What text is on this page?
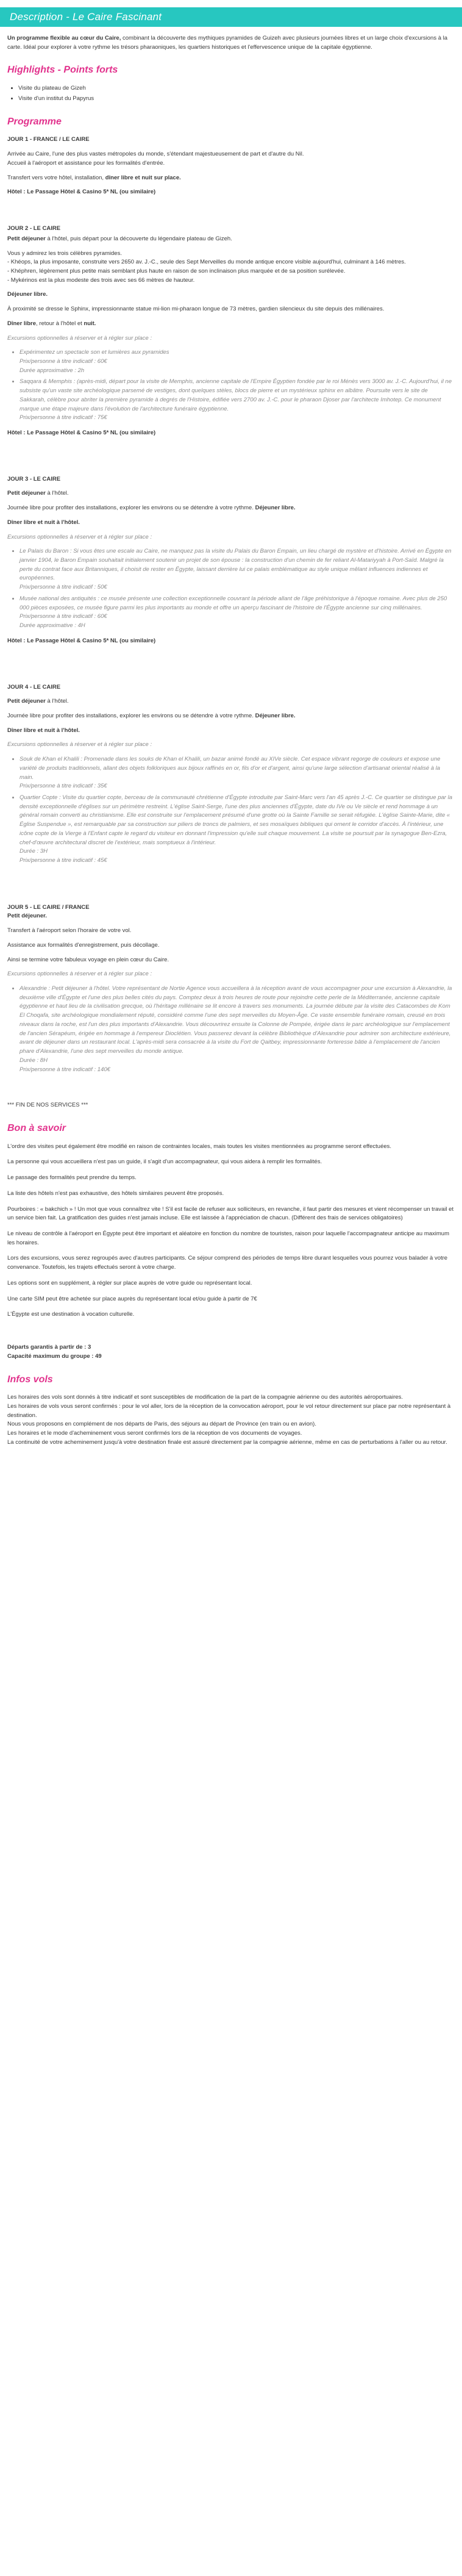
Description - Le Caire Fascinant

Un programme flexible au cœur du Caire, combinant la découverte des mythiques pyramides de Guizeh avec plusieurs journées libres et un large choix d'excursions à la carte. Idéal pour explorer à votre rythme les trésors pharaoniques, les quartiers historiques et l'effervescence unique de la capitale égyptienne.

Highlights - Points forts
• Visite du plateau de Gizeh
• Visite d'un institut du Papyrus
Programme

JOUR 1 - FRANCE / LE CAIRE

Arrivée au Caire, l'une des plus vastes métropoles du monde, s'étendant majestueusement de part et d'autre du Nil.
Accueil à l'aéroport et assistance pour les formalités d'entrée.

Transfert vers votre hôtel, installation, dîner libre et nuit sur place.

Hôtel : Le Passage Hôtel & Casino 5* NL (ou similaire)

JOUR 2 - LE CAIRE

Petit déjeuner à l'hôtel, puis départ pour la découverte du légendaire plateau de Gizeh.

Vous y admirez les trois célèbres pyramides.
- Khéops, la plus imposante, construite vers 2650 av. J.-C., seule des Sept Merveilles du monde antique encore visible aujourd'hui, culminant à 146 mètres.
- Khéphren, légèrement plus petite mais semblant plus haute en raison de son inclinaison plus marquée et de sa position surélevée.
- Mykérinos est la plus modeste des trois avec ses 66 mètres de hauteur.

Déjeuner libre.

À proximité se dresse le Sphinx, impressionnante statue mi-lion mi-pharaon longue de 73 mètres, gardien silencieux du site depuis des millénaires.

Dîner libre, retour à l'hôtel et nuit.

Excursions optionnelles à réserver et à régler sur place :

• Expérimentez un spectacle son et lumières aux pyramides
Prix/personne à titre indicatif : 60€
Durée approximative : 2h
• Saqqara & Memphis : (après-midi, départ pour la visite de Memphis, ancienne capitale de l'Empire Égyptien fondée par le roi Ménès vers 3000 av. J.-C. Aujourd'hui, il ne subsiste qu'un vaste site archéologique parsemé de vestiges, dont quelques stèles, blocs de pierre et un mystérieux sphinx en albâtre. Poursuite vers le site de Sakkarah, célèbre pour abriter la première pyramide à degrés de l'Histoire, édifiée vers 2700 av. J.-C. pour le pharaon Djoser par l'architecte Imhotep. Ce monument marque une étape majeure dans l'évolution de l'architecture funéraire égyptienne.
Prix/personne à titre indicatif : 75€

Hôtel : Le Passage Hôtel & Casino 5* NL (ou similaire)

JOUR 3 - LE CAIRE

Petit déjeuner à l'hôtel.

Journée libre pour profiter des installations, explorer les environs ou se détendre à votre rythme. Déjeuner libre.

Dîner libre et nuit à l'hôtel.

Excursions optionnelles à réserver et à régler sur place :

• Le Palais du Baron : Si vous êtes une escale au Caire, ne manquez pas la visite du Palais du Baron Empain, un lieu chargé de mystère et d'histoire. Arrivé en Égypte en janvier 1904, le Baron Empain souhaitait initialement soutenir un projet de son épouse : la construction d'un chemin de fer reliant Al-Matariyyah à Port-Saïd. Malgré la perte du contrat face aux Britanniques, il choisit de rester en Égypte, laissant derrière lui ce palais emblématique au style unique mêlant influences indiennes et européennes.
Prix/personne à titre indicatif : 50€
• Musée national des antiquités : ce musée présente une collection exceptionnelle couvrant la période allant de l'âge préhistorique à l'époque romaine. Avec plus de 250 000 pièces exposées, ce musée figure parmi les plus importants au monde et offre un aperçu fascinant de l'histoire de l'Égypte ancienne sur cinq millénaires.
Prix/personne à titre indicatif : 60€
Durée approximative : 4H

Hôtel : Le Passage Hôtel & Casino 5* NL (ou similaire)

JOUR 4 - LE CAIRE

Petit déjeuner à l'hôtel.

Journée libre pour profiter des installations, explorer les environs ou se détendre à votre rythme. Déjeuner libre.

Dîner libre et nuit à l'hôtel.

Excursions optionnelles à réserver et à régler sur place :

• Souk de Khan el Khalili : Promenade dans les souks de Khan el Khalili, un bazar animé fondé au XIVe siècle. Cet espace vibrant regorge de couleurs et expose une variété de produits traditionnels, allant des objets folkloriques aux bijoux raffinés en or, fils d'or et d'argent, ainsi qu'une large sélection d'artisanat oriental réalisé à la main.
Prix/personne à titre indicatif : 35€
• Quartier Copte : Visite du quartier copte, berceau de la communauté chrétienne d'Égypte introduite par Saint-Marc vers l'an 45 après J.-C. Ce quartier se distingue par la densité exceptionnelle d'églises sur un périmètre restreint. L'église Saint-Serge, l'une des plus anciennes d'Égypte, date du IVe ou Ve siècle et rend hommage à un général romain converti au christianisme. Elle est construite sur l'emplacement présumé d'une grotte où la Sainte Famille se serait réfugiée. L'église Sainte-Marie, dite « Église Suspendue », est remarquable par sa construction sur piliers de troncs de palmiers, et ses mosaïques bibliques qui ornent le corridor d'accès. À l'intérieur, une icône copte de la Vierge à l'Enfant capte le regard du visiteur en donnant l'impression qu'elle suit chaque mouvement. La visite se poursuit par la synagogue Ben-Ezra, chef-d'œuvre architectural discret de l'extérieur, mais somptueux à l'intérieur.
Durée : 3H
Prix/personne à titre indicatif : 45€

JOUR 5 - LE CAIRE / FRANCE

Petit déjeuner.

Transfert à l'aéroport selon l'horaire de votre vol.

Assistance aux formalités d'enregistrement, puis décollage.

Ainsi se termine votre fabuleux voyage en plein cœur du Caire.

Excursions optionnelles à réserver et à régler sur place :

• Alexandrie : Petit déjeuner à l'hôtel. Votre représentant de Nortie Agence vous accueillera à la réception avant de vous accompagner pour une excursion à Alexandrie, la deuxième ville d'Égypte et l'une des plus belles cités du pays. Comptez deux à trois heures de route pour rejoindre cette perle de la Méditerranée, ancienne capitale égyptienne et haut lieu de la civilisation grecque, où l'héritage millénaire se lit encore à travers ses monuments. La journée débute par la visite des Catacombes de Kom El Choqafa, site archéologique mondialement réputé, considéré comme l'une des sept merveilles du Moyen-Âge. Ce vaste ensemble funéraire romain, creusé en trois niveaux dans la roche, est l'un des plus importants d'Alexandrie. Vous découvrirez ensuite la Colonne de Pompée, érigée dans le parc archéologique sur l'emplacement de l'ancien Sérapéum, érigée en hommage à l'empereur Dioclétien. Vous passerez devant la célèbre Bibliothèque d'Alexandrie pour admirer son architecture extérieure, avant de déjeuner dans un restaurant local. L'après-midi sera consacrée à la visite du Fort de Qaitbey, impressionnante forteresse bâtie à l'emplacement de l'ancien phare d'Alexandrie, l'une des sept merveilles du monde antique.
Durée : 8H
Prix/personne à titre indicatif : 140€

*** FIN DE NOS SERVICES ***

Bon à savoir

L'ordre des visites peut également être modifié en raison de contraintes locales, mais toutes les visites mentionnées au programme seront effectuées.

La personne qui vous accueillera n'est pas un guide, il s'agit d'un accompagnateur, qui vous aidera à remplir les formalités.

Le passage des formalités peut prendre du temps.

La liste des hôtels n'est pas exhaustive, des hôtels similaires peuvent être proposés.

Pourboires : « bakchich » ! Un mot que vous connaîtrez vite ! S'il est facile de refuser aux solliciteurs, en revanche, il faut partir des mesures et vient récompenser un travail et un service bien fait. La gratification des guides n'est jamais incluse. Elle est laissée à l'appréciation de chacun. (Différent des frais de services obligatoires)

Le niveau de contrôle à l'aéroport en Égypte peut être important et aléatoire en fonction du nombre de touristes, raison pour laquelle l'accompagnateur anticipe au maximum les horaires.

Lors des excursions, vous serez regroupés avec d'autres participants. Ce séjour comprend des périodes de temps libre durant lesquelles vous pourrez vous balader à votre convenance. Toutefois, les trajets effectués seront à votre charge.

Les options sont en supplément, à régler sur place auprès de votre guide ou représentant local.

Une carte SIM peut être achetée sur place auprès du représentant local et/ou guide à partir de 7€

L'Égypte est une destination à vocation culturelle.

Départs garantis à partir de : 3
Capacité maximum du groupe : 49

Infos vols

Les horaires des vols sont donnés à titre indicatif et sont susceptibles de modification de la part de la compagnie aérienne ou des autorités aéroportuaires.

Les horaires de vols vous seront confirmés : pour le vol aller, lors de la réception de la convocation aéroport, pour le vol retour directement sur place par notre représentant à destination.

Nous vous proposons en complément de nos départs de Paris, des séjours au départ de Province (en train ou en avion).

Les horaires et le mode d'acheminement vous seront confirmés lors de la réception de vos documents de voyages.

La continuité de votre acheminement jusqu'à votre destination finale est assuré directement par la compagnie aérienne, même en cas de perturbations à l'aller ou au retour.
